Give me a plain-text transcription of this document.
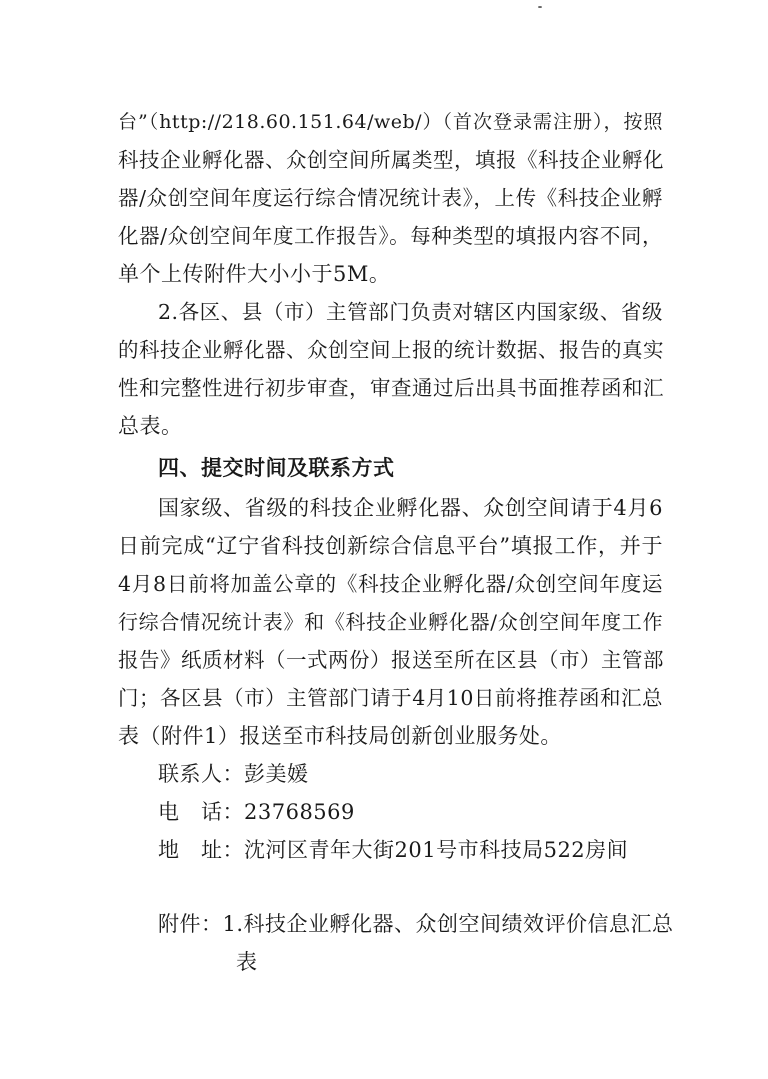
台”（http://218.60.151.64/web/）（首次登录需注册），按照
科技企业孵化器、众创空间所属类型，填报《科技企业孵化
器/众创空间年度运行综合情况统计表》，上传《科技企业孵
化器/众创空间年度工作报告》。每种类型的填报内容不同，
单个上传附件大小小于5M。
2.各区、县（市）主管部门负责对辖区内国家级、省级
的科技企业孵化器、众创空间上报的统计数据、报告的真实
性和完整性进行初步审查，审查通过后出具书面推荐函和汇
总表。
四、提交时间及联系方式
国家级、省级的科技企业孵化器、众创空间请于4月6
日前完成“辽宁省科技创新综合信息平台”填报工作，并于
4月8日前将加盖公章的《科技企业孵化器/众创空间年度运
行综合情况统计表》和《科技企业孵化器/众创空间年度工作
报告》纸质材料（一式两份）报送至所在区县（市）主管部
门；各区县（市）主管部门请于4月10日前将推荐函和汇总
表（附件1）报送至市科技局创新创业服务处。
联系人：彭美媛
电　话：23768569
地　址：沈河区青年大街201号市科技局522房间
附件：1.科技企业孵化器、众创空间绩效评价信息汇总
表
